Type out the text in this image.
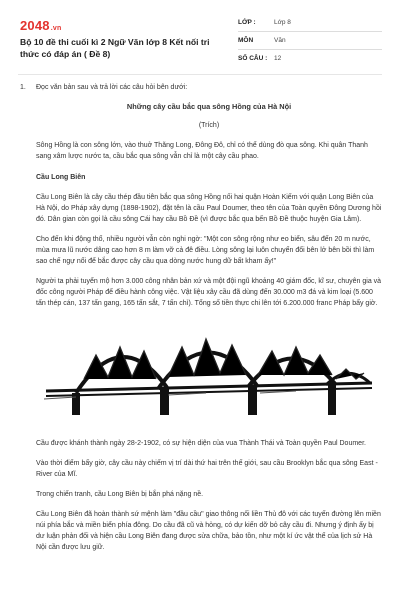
2048.vn
Bộ 10 đề thi cuối kì 2 Ngữ Văn lớp 8 Kết nối tri thức có đáp án ( Đề 8)
LỚP :	Lớp 8
MÔN	Văn
SỐ CÂU :	12
1.	Đọc văn bản sau và trả lời các câu hỏi bên dưới:
Những cây cầu bắc qua sông Hồng của Hà Nội
(Trích)
Sông Hồng là con sông lớn, vào thuở Thăng Long, Đông Đô, chỉ có thể dùng đò qua sông. Khi quân Thanh sang xâm lược nước ta, cầu bắc qua sông vẫn chỉ là một cây cầu phao.
Cầu Long Biên
Cầu Long Biên là cây cầu thép đầu tiên bắc qua sông Hồng nối hai quận Hoàn Kiếm với quận Long Biên của Hà Nội, do Pháp xây dựng (1898-1902), đặt tên là cầu Paul Doumer, theo tên của Toàn quyền Đông Dương hồi đó. Dân gian còn gọi là cầu sông Cái hay cầu Bồ Đề (vì được bắc qua bến Bồ Đề thuộc huyện Gia Lâm).
Cho đến khi động thổ, nhiều người vẫn còn nghi ngờ: "Một con sông rộng như eo biển, sâu đến 20 m nước, mùa mưa lũ nước dâng cao hơn 8 m làm vỡ cả đê điều. Lòng sông lại luôn chuyển đổi bên lở bên bồi thì làm sao chế ngự nổi để bắc được cây cầu qua dòng nước hung dữ bất kham ấy!"
Người ta phải tuyển mộ hơn 3.000 công nhân bản xứ và một đội ngũ khoảng 40 giám đốc, kĩ sư, chuyên gia và đốc công người Pháp để điều hành công việc. Vật liệu xây cầu đã dùng đến 30.000 m3 đá và kim loại (5.600 tấn thép cán, 137 tấn gang, 165 tấn sắt, 7 tấn chì). Tổng số tiền thực chi lên tới 6.200.000 franc Pháp bấy giờ.
Cầu được khánh thành ngày 28-2-1902, có sự hiện diện của vua Thành Thái và Toàn quyền Paul Doumer.
Vào thời điểm bấy giờ, cây cầu này chiếm vị trí dài thứ hai trên thế giới, sau cầu Brooklyn bắc qua sông East - River của Mĩ.
Trong chiến tranh, cầu Long Biên bị bắn phá nặng nề.
Cầu Long Biên đã hoàn thành sứ mệnh làm "đầu cầu" giao thông nối liền Thủ đô với các tuyến đường lên miền núi phía bắc và miền biển phía đông. Do cầu đã cũ và hỏng, có dự kiến dỡ bỏ cây cầu đi. Nhưng ý định ấy bị dư luận phản đối và hiện cầu Long Biên đang được sửa chữa, bảo tồn, như một kí ức vật thể của lịch sử Hà Nội cần được lưu giữ.
